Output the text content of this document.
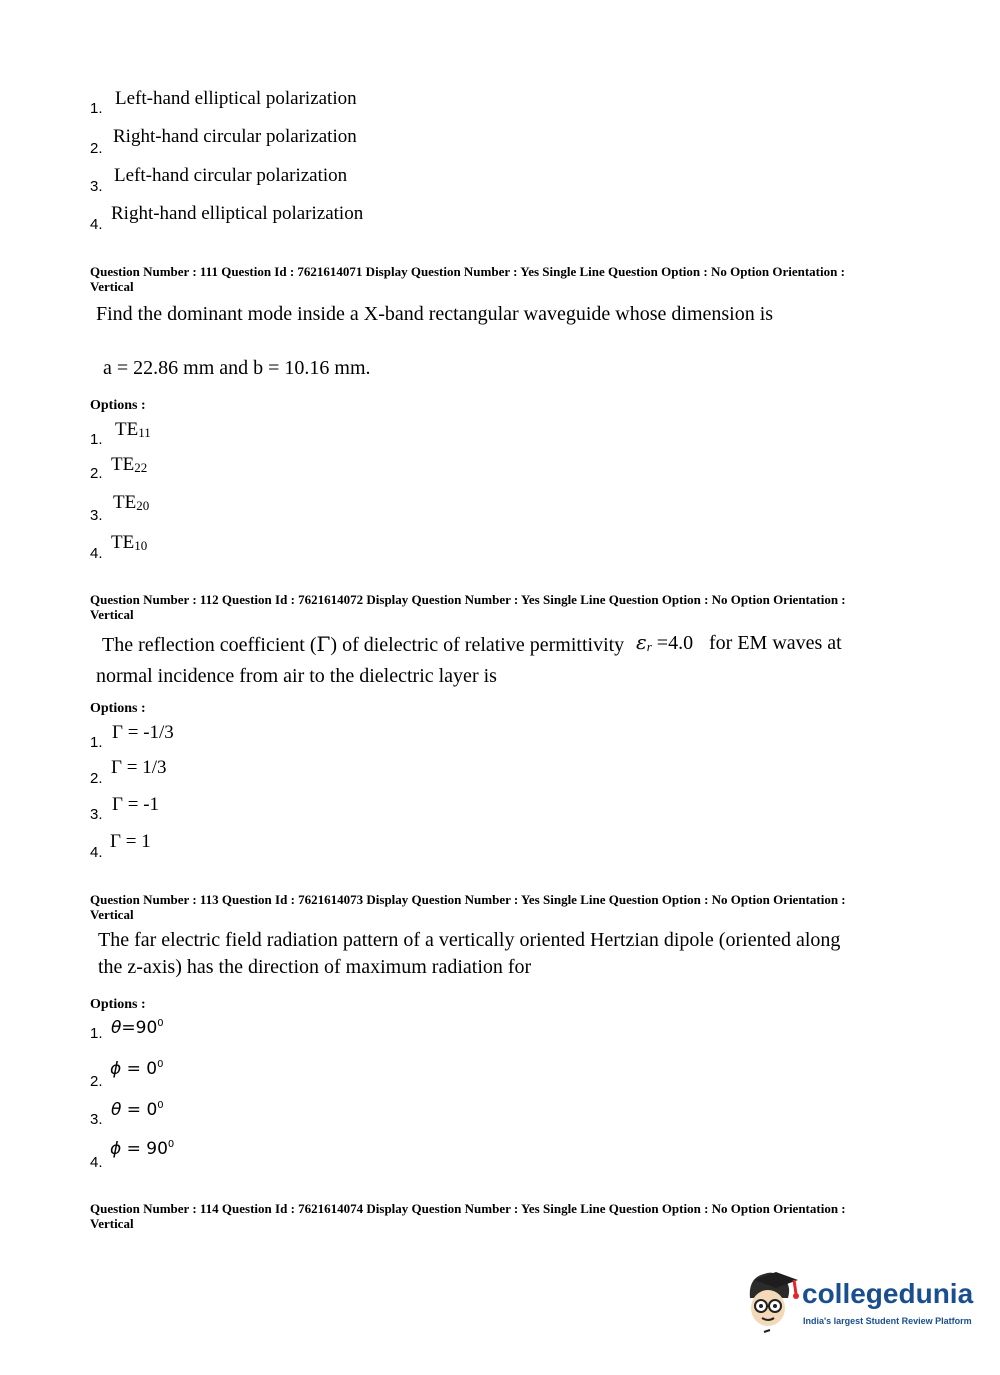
1. Left-hand elliptical polarization
2.
Right-hand circular polarization
3.
Left-hand circular polarization
4.
Right-hand elliptical polarization
Question Number : 111 Question Id : 7621614071 Display Question Number : Yes Single Line Question Option : No Option Orientation : Vertical
Find the dominant mode inside a X-band rectangular waveguide whose dimension is
a = 22.86 mm and b = 10.16 mm.
Options :
1. TE11
2. TE22
3.
TE20
4.
TE10
Question Number : 112 Question Id : 7621614072 Display Question Number : Yes Single Line Question Option : No Option Orientation : Vertical
The reflection coefficient (Γ) of dielectric of relative permittivity εr =4.0 for EM waves at
normal incidence from air to the dielectric layer is
Options :
1. Γ = -1/3
2.
Γ = 1/3
3. Γ = -1
4.
Γ = 1
Question Number : 113 Question Id : 7621614073 Display Question Number : Yes Single Line Question Option : No Option Orientation : Vertical
The far electric field radiation pattern of a vertically oriented Hertzian dipole (oriented along
the z-axis) has the direction of maximum radiation for
Options :
1. $\theta=90^0$
2.
$\phi = 0^0$
3. $\theta = 0^0$
4.
$\phi = 90^0$
Question Number : 114 Question Id : 7621614074 Display Question Number : Yes Single Line Question Option : No Option Orientation : Vertical
collegedunia
India's largest Student Review Platform
